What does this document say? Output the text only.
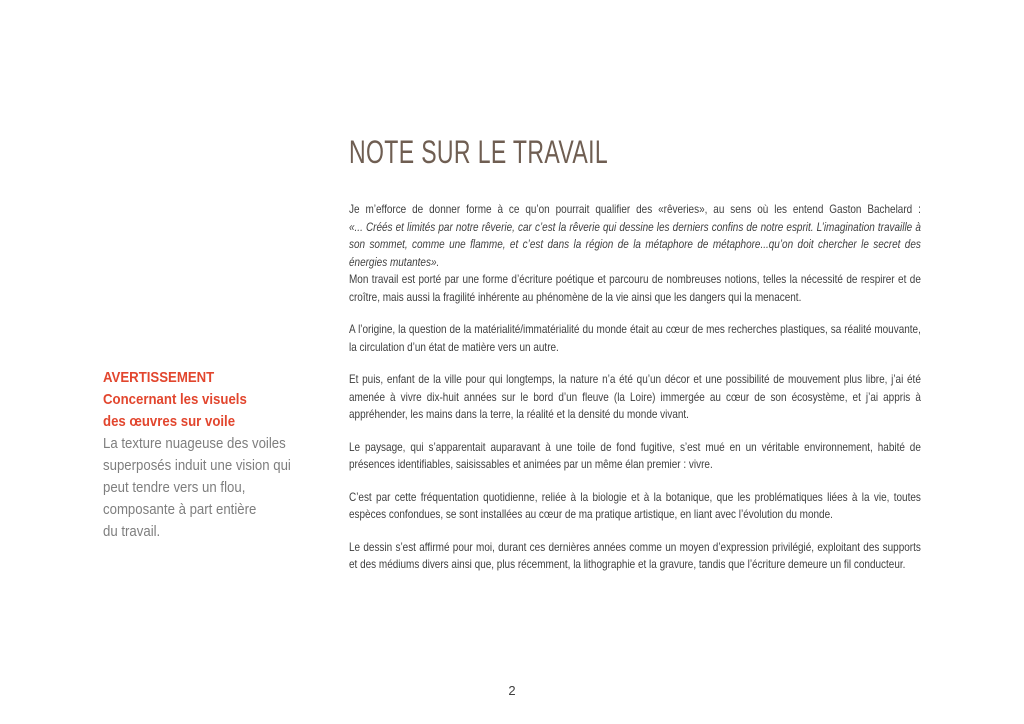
NOTE SUR LE TRAVAIL
AVERTISSEMENT
Concernant les visuels
des œuvres sur voile
La texture nuageuse des voiles
superposés induit une vision qui
peut tendre vers un flou,
composante à part entière
du travail.
Je m’efforce de donner forme à ce qu’on pourrait qualifier des «rêveries», au sens où les entend Gaston Bachelard :
«... Créés et limités par notre rêverie, car c’est la rêverie qui dessine les derniers confins de notre esprit. L’imagination travaille à son sommet, comme une flamme, et c’est dans la région de la métaphore de métaphore...qu’on doit chercher le secret des énergies mutantes».
Mon travail est porté par une forme d’écriture poétique et parcouru de nombreuses notions, telles la nécessité de respirer et de croître, mais aussi la fragilité inhérente au phénomène de la vie ainsi que les dangers qui la menacent.

A l’origine, la question de la matérialité/immatérialité du monde était au cœur de mes recherches plastiques, sa réalité mouvante, la circulation d’un état de matière vers un autre.

Et puis, enfant de la ville pour qui longtemps, la nature n’a été qu’un décor et une possibilité de mouvement plus libre, j’ai été amenée à vivre dix-huit années sur le bord d’un fleuve (la Loire) immergée au cœur de son écosystème, et j’ai appris à appréhender, les mains dans la terre, la réalité et la densité du monde vivant.

Le paysage, qui s’apparentait auparavant à une toile de fond fugitive, s’est mué en un véritable environnement, habité de présences identifiables, saisissables et animées par un même élan premier : vivre.

C’est par cette fréquentation quotidienne, reliée à la biologie et à la botanique, que les problématiques liées à la vie, toutes espèces confondues, se sont installées au cœur de ma pratique artistique, en liant avec l’évolution du monde.

Le dessin s’est affirmé pour moi, durant ces dernières années comme un moyen d’expression privilégié, exploitant des supports et des médiums divers ainsi que, plus récemment, la lithographie et la gravure, tandis que l’écriture demeure un fil conducteur.

2
